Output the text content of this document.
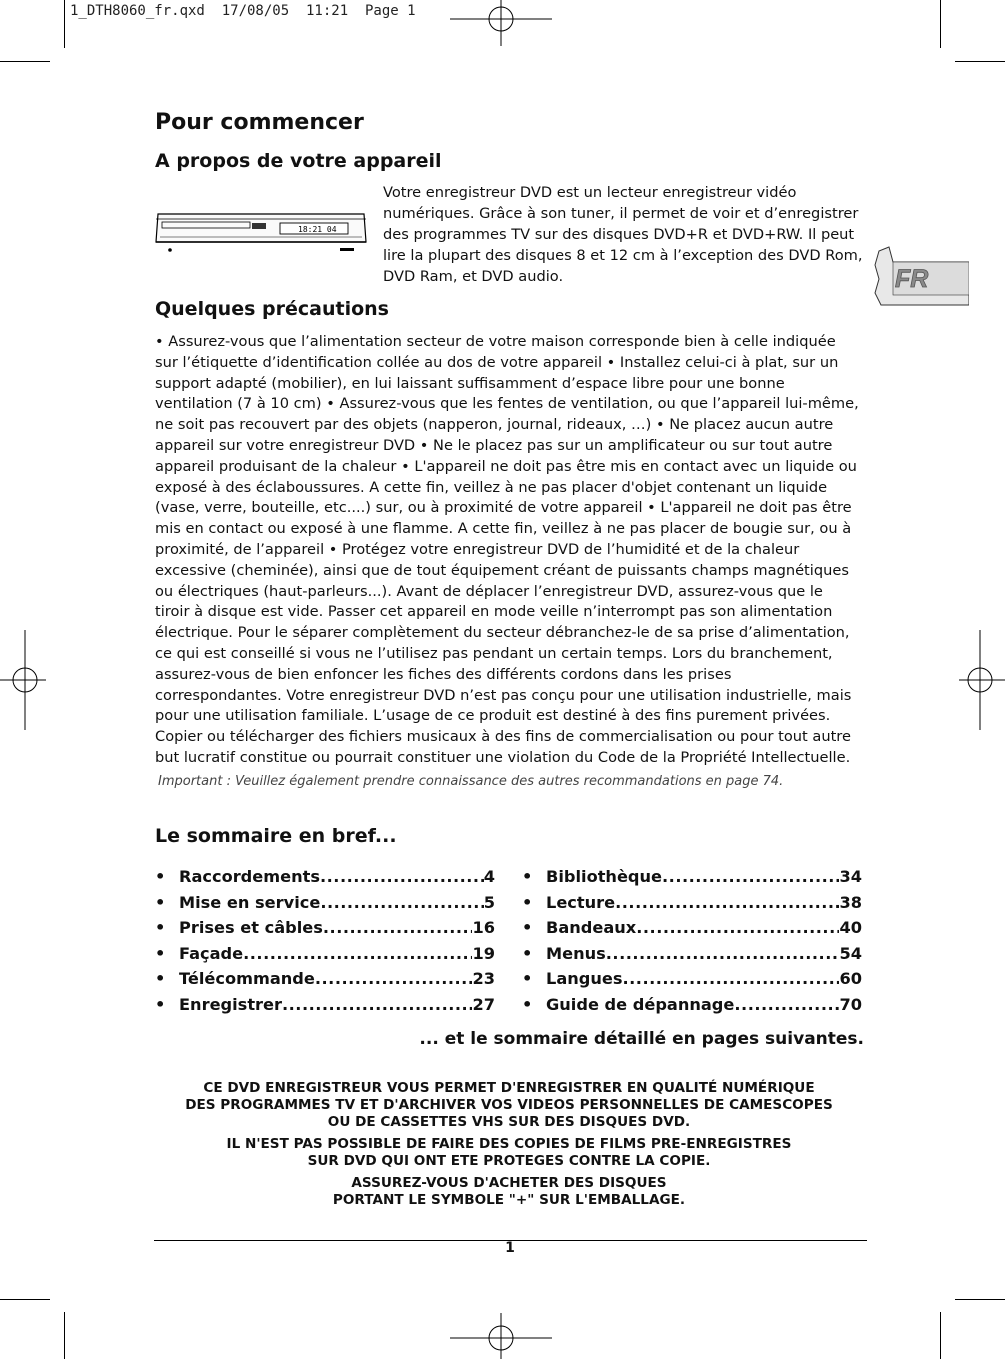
1_DTH8060_fr.qxd  17/08/05  11:21  Page 1
FR
Pour commencer
A propos de votre appareil
18:21 04
Votre enregistreur DVD est un lecteur enregistreur vidéo numériques. Grâce à son tuner, il permet de voir et d’enregistrer des programmes TV sur des disques DVD+R et DVD+RW. Il peut lire la plupart des disques 8 et 12 cm à l’exception des DVD Rom, DVD Ram, et DVD audio.
Quelques précautions
• Assurez-vous que l’alimentation secteur de votre maison corresponde bien à celle indiquée sur l’étiquette d’identification collée au dos de votre appareil • Installez celui-ci à plat, sur un support adapté (mobilier), en lui laissant suffisamment d’espace libre pour une bonne ventilation (7 à 10 cm) • Assurez-vous que les fentes de ventilation, ou que l’appareil lui-même, ne soit pas recouvert par des objets (napperon, journal, rideaux, …) • Ne placez aucun autre appareil sur votre enregistreur DVD • Ne le placez pas sur un amplificateur ou sur tout autre appareil produisant de la chaleur • L'appareil ne doit pas être mis en contact avec un liquide ou exposé à des éclaboussures. A cette fin, veillez à ne pas placer d'objet contenant un liquide (vase, verre, bouteille, etc....) sur, ou à proximité de votre appareil • L'appareil ne doit pas être mis en contact ou exposé à une flamme. A cette fin, veillez à ne pas placer de bougie sur, ou à proximité, de l’appareil • Protégez votre enregistreur DVD de l’humidité et de la chaleur excessive (cheminée), ainsi que de tout équipement créant de puissants champs magnétiques ou électriques (haut-parleurs...). Avant de déplacer l’enregistreur DVD, assurez-vous que le tiroir à disque est vide. Passer cet appareil en mode veille n’interrompt pas son alimentation électrique. Pour le séparer complètement du secteur débranchez-le de sa prise d’alimentation, ce qui est conseillé si vous ne l’utilisez pas pendant un certain temps. Lors du branchement, assurez-vous de bien enfoncer les fiches des différents cordons dans les prises correspondantes. Votre enregistreur DVD n’est pas conçu pour une utilisation industrielle, mais pour une utilisation familiale. L’usage de ce produit est destiné à des fins purement privées. Copier ou télécharger des fichiers musicaux à des fins de commercialisation ou pour tout autre but lucratif constitue ou pourrait constituer une violation du Code de la Propriété Intellectuelle.
Important : Veuillez également prendre connaissance des autres recommandations en page 74.
Le sommaire en bref...
• Raccordements .....	4
• Mise en service .....	5
• Prises et câbles .....	16
• Façade .....	19
• Télécommande .....	23
• Enregistrer .....	27
• Bibliothèque .....	34
• Lecture .....	38
• Bandeaux .....	40
• Menus .....	54
• Langues .....	60
• Guide de dépannage .....	70
... et le sommaire détaillé en pages suivantes.

CE DVD ENREGISTREUR VOUS PERMET D'ENREGISTRER EN QUALITÉ NUMÉRIQUE

DES PROGRAMMES TV ET D'ARCHIVER VOS VIDEOS PERSONNELLES DE CAMESCOPES

OU DE CASSETTES VHS SUR DES DISQUES DVD.

IL N'EST PAS POSSIBLE DE FAIRE DES COPIES DE FILMS PRE-ENREGISTRES

SUR DVD QUI ONT ETE PROTEGES CONTRE LA COPIE.

ASSUREZ-VOUS D'ACHETER DES DISQUES

PORTANT LE SYMBOLE "+" SUR L'EMBALLAGE.

1
